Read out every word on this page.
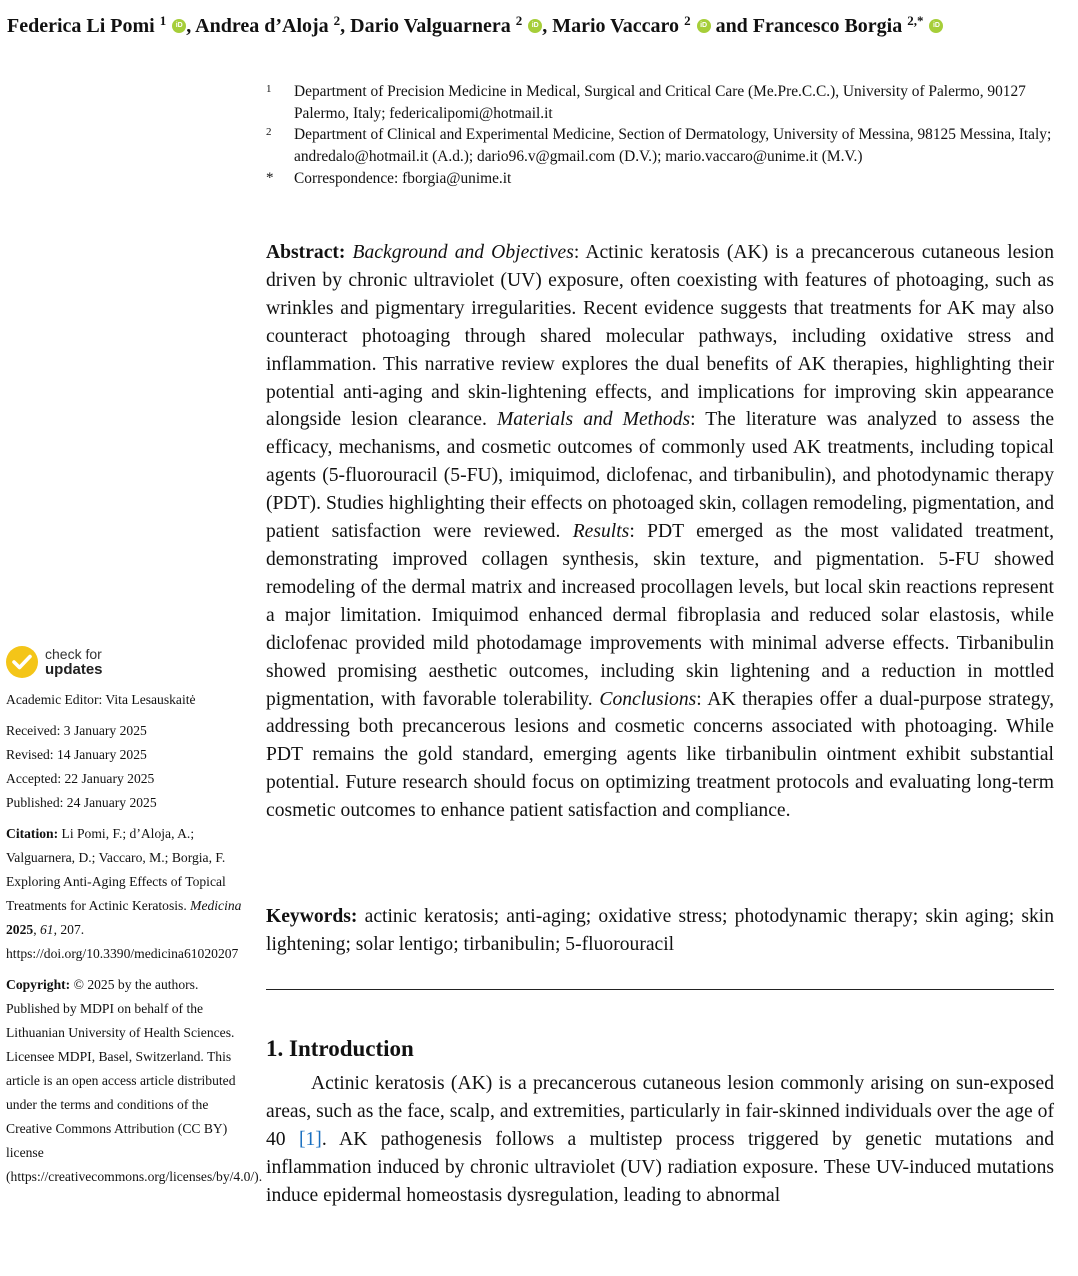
Federica Li Pomi $^1$ iD , Andrea d’Aloja $^2$, Dario Valguarnera $^2$ iD , Mario Vaccaro $^2$ iD and Francesco Borgia $^{2,*}$ iD
1	Department of Precision Medicine in Medical, Surgical and Critical Care (Me.Pre.C.C.), University of Palermo, 90127 Palermo, Italy; federicalipomi@hotmail.it
2	Department of Clinical and Experimental Medicine, Section of Dermatology, University of Messina, 98125 Messina, Italy; andredalo@hotmail.it (A.d.); dario96.v@gmail.com (D.V.); mario.vaccaro@unime.it (M.V.)
*	Correspondence: fborgia@unime.it

Abstract: Background and Objectives: Actinic keratosis (AK) is a precancerous cutaneous lesion driven by chronic ultraviolet (UV) exposure, often coexisting with features of photoaging, such as wrinkles and pigmentary irregularities. Recent evidence suggests that treatments for AK may also counteract photoaging through shared molecular pathways, including oxidative stress and inflammation. This narrative review explores the dual benefits of AK therapies, highlighting their potential anti-aging and skin-lightening effects, and implications for improving skin appearance alongside lesion clearance. Materials and Methods: The literature was analyzed to assess the efficacy, mechanisms, and cosmetic outcomes of commonly used AK treatments, including topical agents (5-fluorouracil (5-FU), imiquimod, diclofenac, and tirbanibulin), and photodynamic therapy (PDT). Studies highlighting their effects on photoaged skin, collagen remodeling, pigmentation, and patient satisfaction were reviewed. Results: PDT emerged as the most validated treatment, demonstrating improved collagen synthesis, skin texture, and pigmentation. 5-FU showed remodeling of the dermal matrix and increased procollagen levels, but local skin reactions represent a major limitation. Imiquimod enhanced dermal fibroplasia and reduced solar elastosis, while diclofenac provided mild photodamage improvements with minimal adverse effects. Tirbanibulin showed promising aesthetic outcomes, including skin lightening and a reduction in mottled pigmentation, with favorable tolerability. Conclusions: AK therapies offer a dual-purpose strategy, addressing both precancerous lesions and cosmetic concerns associated with photoaging. While PDT remains the gold standard, emerging agents like tirbanibulin ointment exhibit substantial potential. Future research should focus on optimizing treatment protocols and evaluating long-term cosmetic outcomes to enhance patient satisfaction and compliance.

Keywords: actinic keratosis; anti-aging; oxidative stress; photodynamic therapy; skin aging; skin lightening; solar lentigo; tirbanibulin; 5-fluorouracil

1. Introduction

Actinic keratosis (AK) is a precancerous cutaneous lesion commonly arising on sun-exposed areas, such as the face, scalp, and extremities, particularly in fair-skinned individuals over the age of 40 [1]. AK pathogenesis follows a multistep process triggered by genetic mutations and inflammation induced by chronic ultraviolet (UV) radiation exposure. These UV-induced mutations induce epidermal homeostasis dysregulation, leading to abnormal

check for
updates
Academic Editor: Vita Lesauskaitė
Received: 3 January 2025
Revised: 14 January 2025
Accepted: 22 January 2025
Published: 24 January 2025
Citation: Li Pomi, F.; d’Aloja, A.; Valguarnera, D.; Vaccaro, M.; Borgia, F. Exploring Anti-Aging Effects of Topical Treatments for Actinic Keratosis. Medicina 2025, 61, 207. https://doi.org/10.3390/medicina61020207
Copyright: © 2025 by the authors. Published by MDPI on behalf of the Lithuanian University of Health Sciences. Licensee MDPI, Basel, Switzerland. This article is an open access article distributed under the terms and conditions of the Creative Commons Attribution (CC BY) license (https://creativecommons.org/licenses/by/4.0/).
